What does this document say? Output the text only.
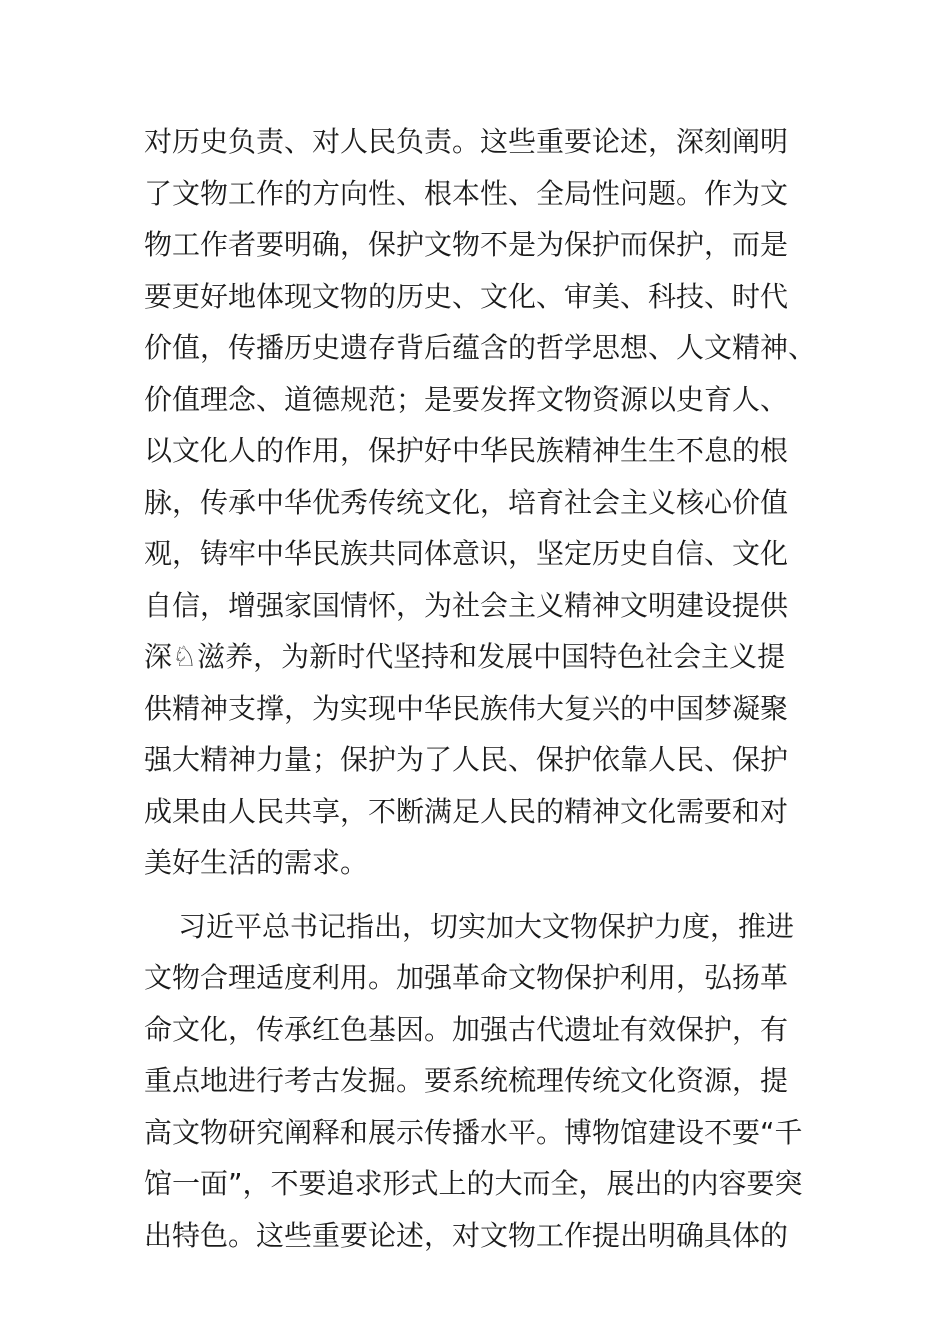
对历史负责、对人民负责。这些重要论述，深刻阐明
了文物工作的方向性、根本性、全局性问题。作为文
物工作者要明确，保护文物不是为保护而保护，而是
要更好地体现文物的历史、文化、审美、科技、时代
价值，传播历史遗存背后蕴含的哲学思想、人文精神、
价值理念、道德规范；是要发挥文物资源以史育人、
以文化人的作用，保护好中华民族精神生生不息的根
脉，传承中华优秀传统文化，培育社会主义核心价值
观，铸牢中华民族共同体意识，坚定历史自信、文化
自信，增强家国情怀，为社会主义精神文明建设提供
深♘滋养，为新时代坚持和发展中国特色社会主义提
供精神支撑，为实现中华民族伟大复兴的中国梦凝聚
强大精神力量；保护为了人民、保护依靠人民、保护
成果由人民共享，不断满足人民的精神文化需要和对
美好生活的需求。
习近平总书记指出，切实加大文物保护力度，推进
文物合理适度利用。加强革命文物保护利用，弘扬革
命文化，传承红色基因。加强古代遗址有效保护，有
重点地进行考古发掘。要系统梳理传统文化资源，提
高文物研究阐释和展示传播水平。博物馆建设不要“千
馆一面”，不要追求形式上的大而全，展出的内容要突
出特色。这些重要论述，对文物工作提出明确具体的
